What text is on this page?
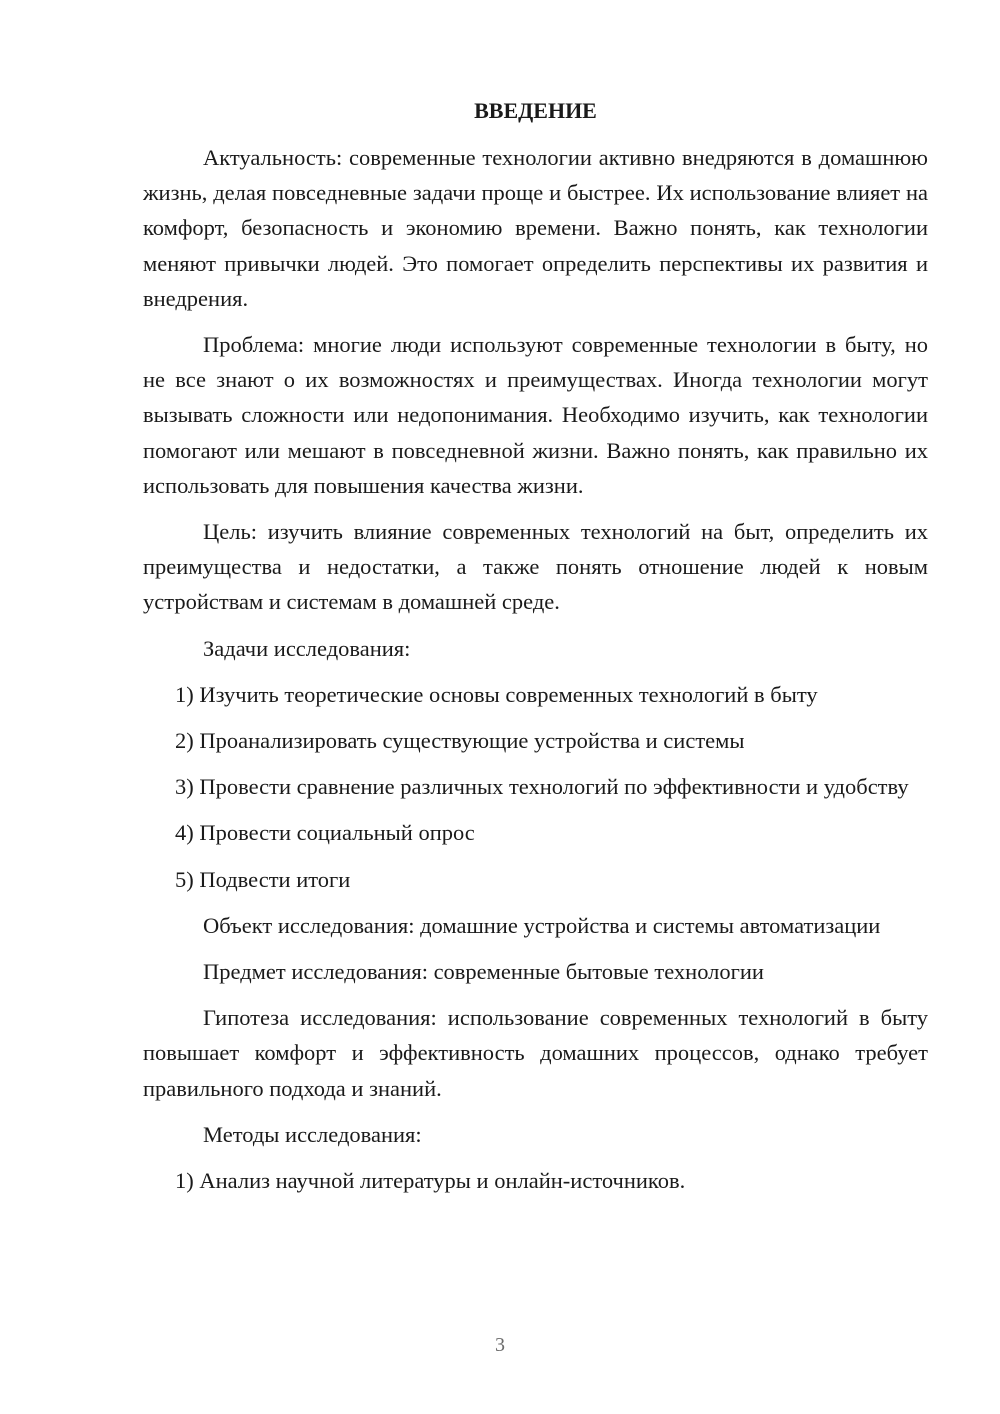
ВВЕДЕНИЕ

Актуальность: современные технологии активно внедряются в домашнюю жизнь, делая повседневные задачи проще и быстрее. Их использование влияет на комфорт, безопасность и экономию времени. Важно понять, как технологии меняют привычки людей. Это помогает определить перспективы их развития и внедрения.

Проблема: многие люди используют современные технологии в быту, но не все знают о их возможностях и преимуществах. Иногда технологии могут вызывать сложности или недопонимания. Необходимо изучить, как технологии помогают или мешают в повседневной жизни. Важно понять, как правильно их использовать для повышения качества жизни.

Цель: изучить влияние современных технологий на быт, определить их преимущества и недостатки, а также понять отношение людей к новым устройствам и системам в домашней среде.

Задачи исследования:

1) Изучить теоретические основы современных технологий в быту

2) Проанализировать существующие устройства и системы

3) Провести сравнение различных технологий по эффективности и удобству

4) Провести социальный опрос

5) Подвести итоги

Объект исследования: домашние устройства и системы автоматизации

Предмет исследования: современные бытовые технологии

Гипотеза исследования: использование современных технологий в быту повышает комфорт и эффективность домашних процессов, однако требует правильного подхода и знаний.

Методы исследования:

1) Анализ научной литературы и онлайн-источников.

3
